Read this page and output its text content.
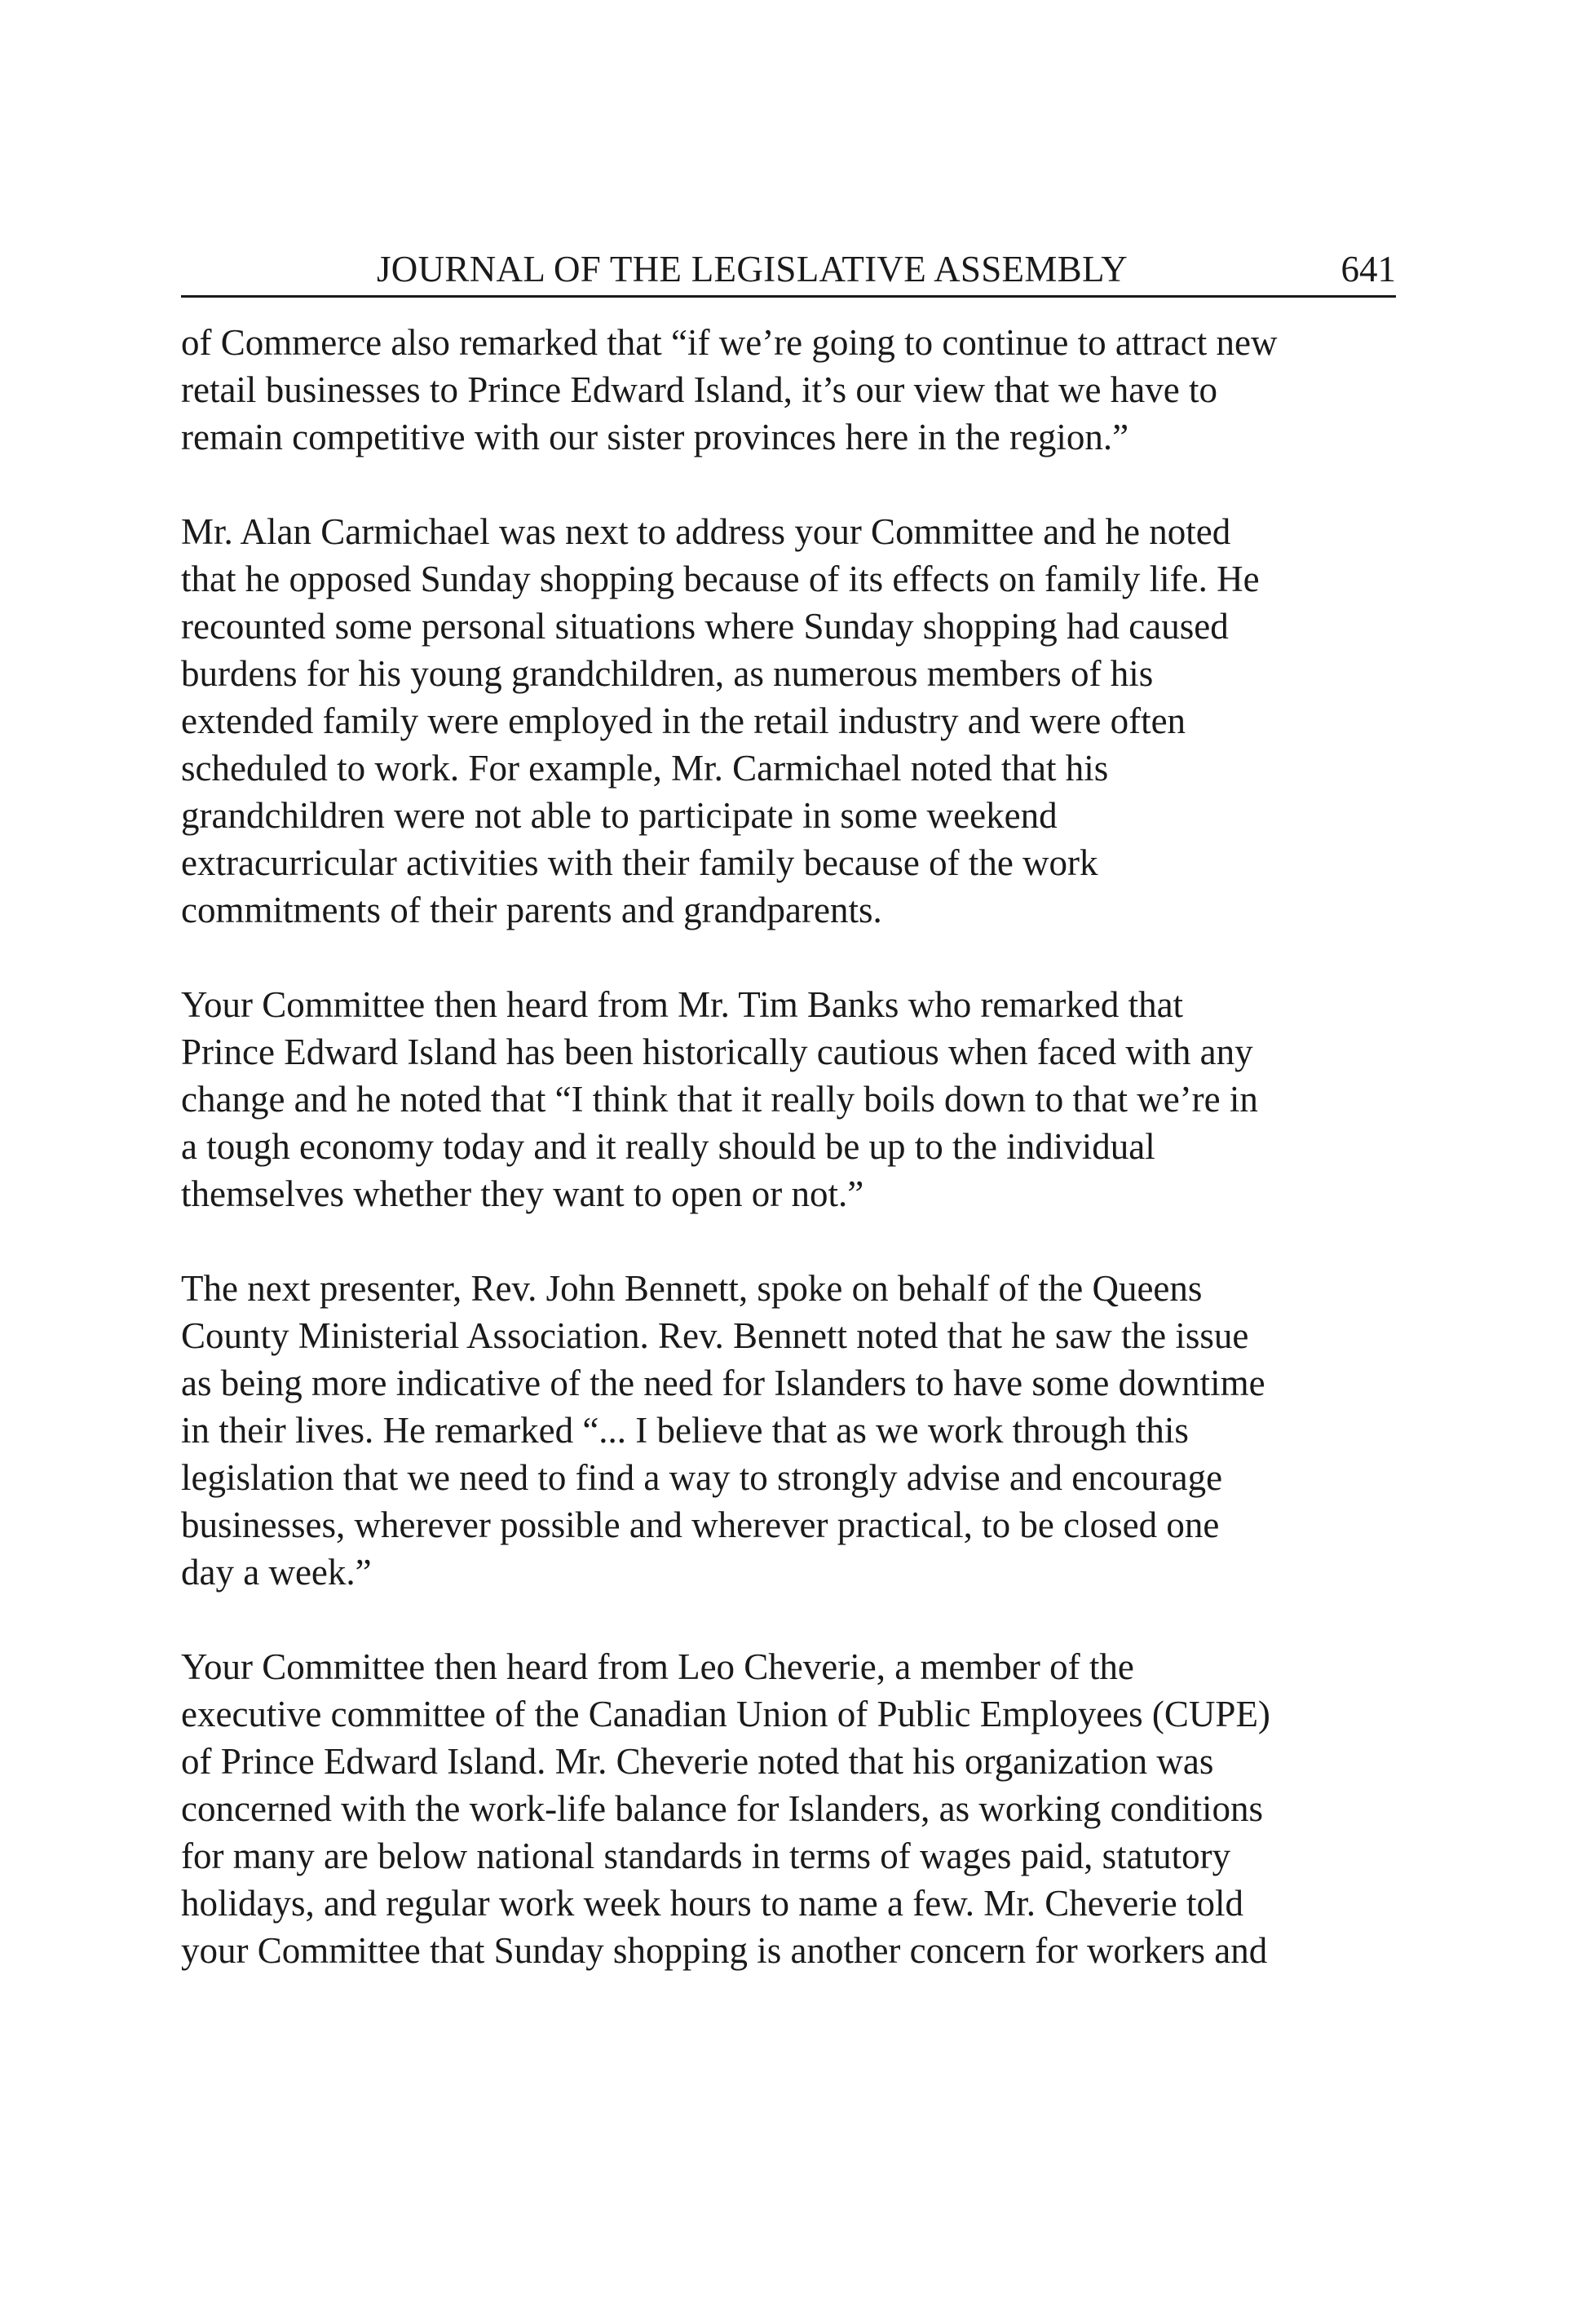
JOURNAL OF THE LEGISLATIVE ASSEMBLY	641

of Commerce also remarked that “if we’re going to continue to attract new
retail businesses to Prince Edward Island, it’s our view that we have to
remain competitive with our sister provinces here in the region.”

Mr. Alan Carmichael was next to address your Committee and he noted
that he opposed Sunday shopping because of its effects on family life. He
recounted some personal situations where Sunday shopping had caused
burdens for his young grandchildren, as numerous members of his
extended family were employed in the retail industry and were often
scheduled to work. For example, Mr. Carmichael noted that his
grandchildren were not able to participate in some weekend
extracurricular activities with their family because of the work
commitments of their parents and grandparents.

Your Committee then heard from Mr. Tim Banks who remarked that
Prince Edward Island has been historically cautious when faced with any
change and he noted that “I think that it really boils down to that we’re in
a tough economy today and it really should be up to the individual
themselves whether they want to open or not.”

The next presenter, Rev. John Bennett, spoke on behalf of the Queens
County Ministerial Association. Rev. Bennett noted that he saw the issue
as being more indicative of the need for Islanders to have some downtime
in their lives. He remarked “... I believe that as we work through this
legislation that we need to find a way to strongly advise and encourage
businesses, wherever possible and wherever practical, to be closed one
day a week.”

Your Committee then heard from Leo Cheverie, a member of the
executive committee of the Canadian Union of Public Employees (CUPE)
of Prince Edward Island. Mr. Cheverie noted that his organization was
concerned with the work-life balance for Islanders, as working conditions
for many are below national standards in terms of wages paid, statutory
holidays, and regular work week hours to name a few. Mr. Cheverie told
your Committee that Sunday shopping is another concern for workers and
